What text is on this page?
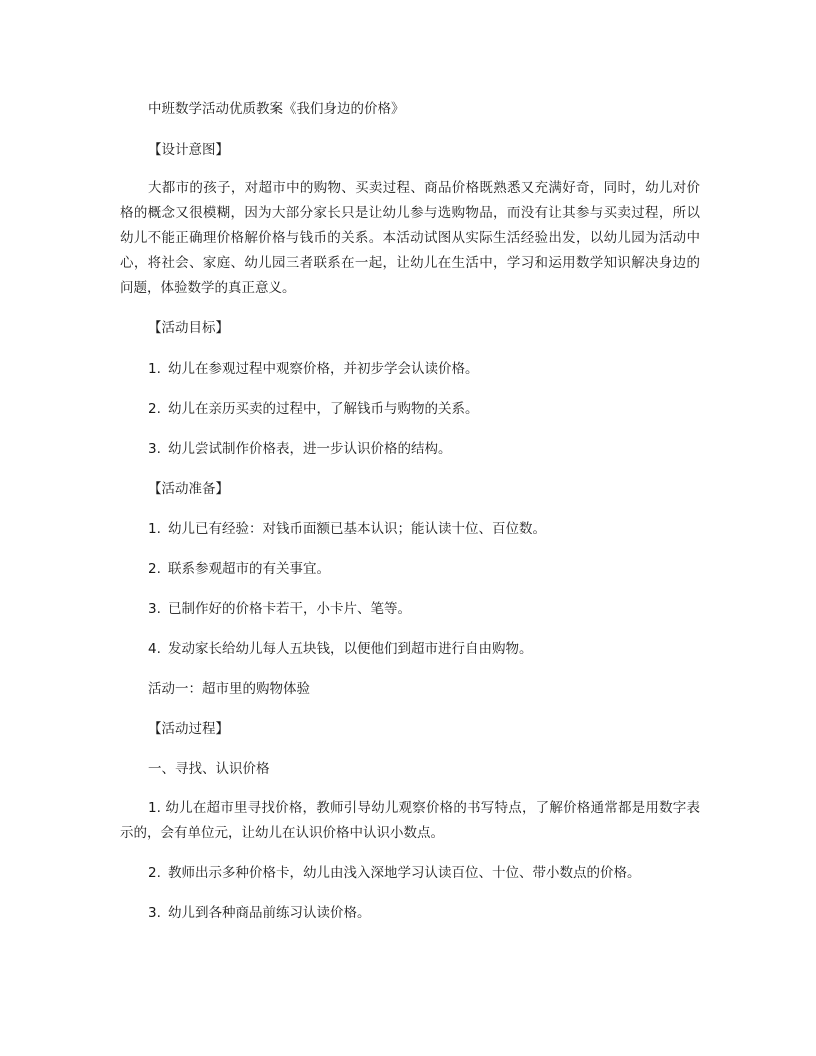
中班数学活动优质教案《我们身边的价格》
【设计意图】
大都市的孩子，对超市中的购物、买卖过程、商品价格既熟悉又充满好奇，同时，幼儿对价格的概念又很模糊，因为大部分家长只是让幼儿参与选购物品，而没有让其参与买卖过程，所以幼儿不能正确理价格解价格与钱币的关系。本活动试图从实际生活经验出发，以幼儿园为活动中心，将社会、家庭、幼儿园三者联系在一起，让幼儿在生活中，学习和运用数学知识解决身边的问题，体验数学的真正意义。
【活动目标】
1. 幼儿在参观过程中观察价格，并初步学会认读价格。
2. 幼儿在亲历买卖的过程中，了解钱币与购物的关系。
3. 幼儿尝试制作价格表，进一步认识价格的结构。
【活动准备】
1. 幼儿已有经验：对钱币面额已基本认识；能认读十位、百位数。
2. 联系参观超市的有关事宜。
3. 已制作好的价格卡若干，小卡片、笔等。
4. 发动家长给幼儿每人五块钱，以便他们到超市进行自由购物。
活动一：超市里的购物体验
【活动过程】
一、寻找、认识价格
1. 幼儿在超市里寻找价格，教师引导幼儿观察价格的书写特点，了解价格通常都是用数字表示的，会有单位元，让幼儿在认识价格中认识小数点。
2. 教师出示多种价格卡，幼儿由浅入深地学习认读百位、十位、带小数点的价格。
3. 幼儿到各种商品前练习认读价格。
